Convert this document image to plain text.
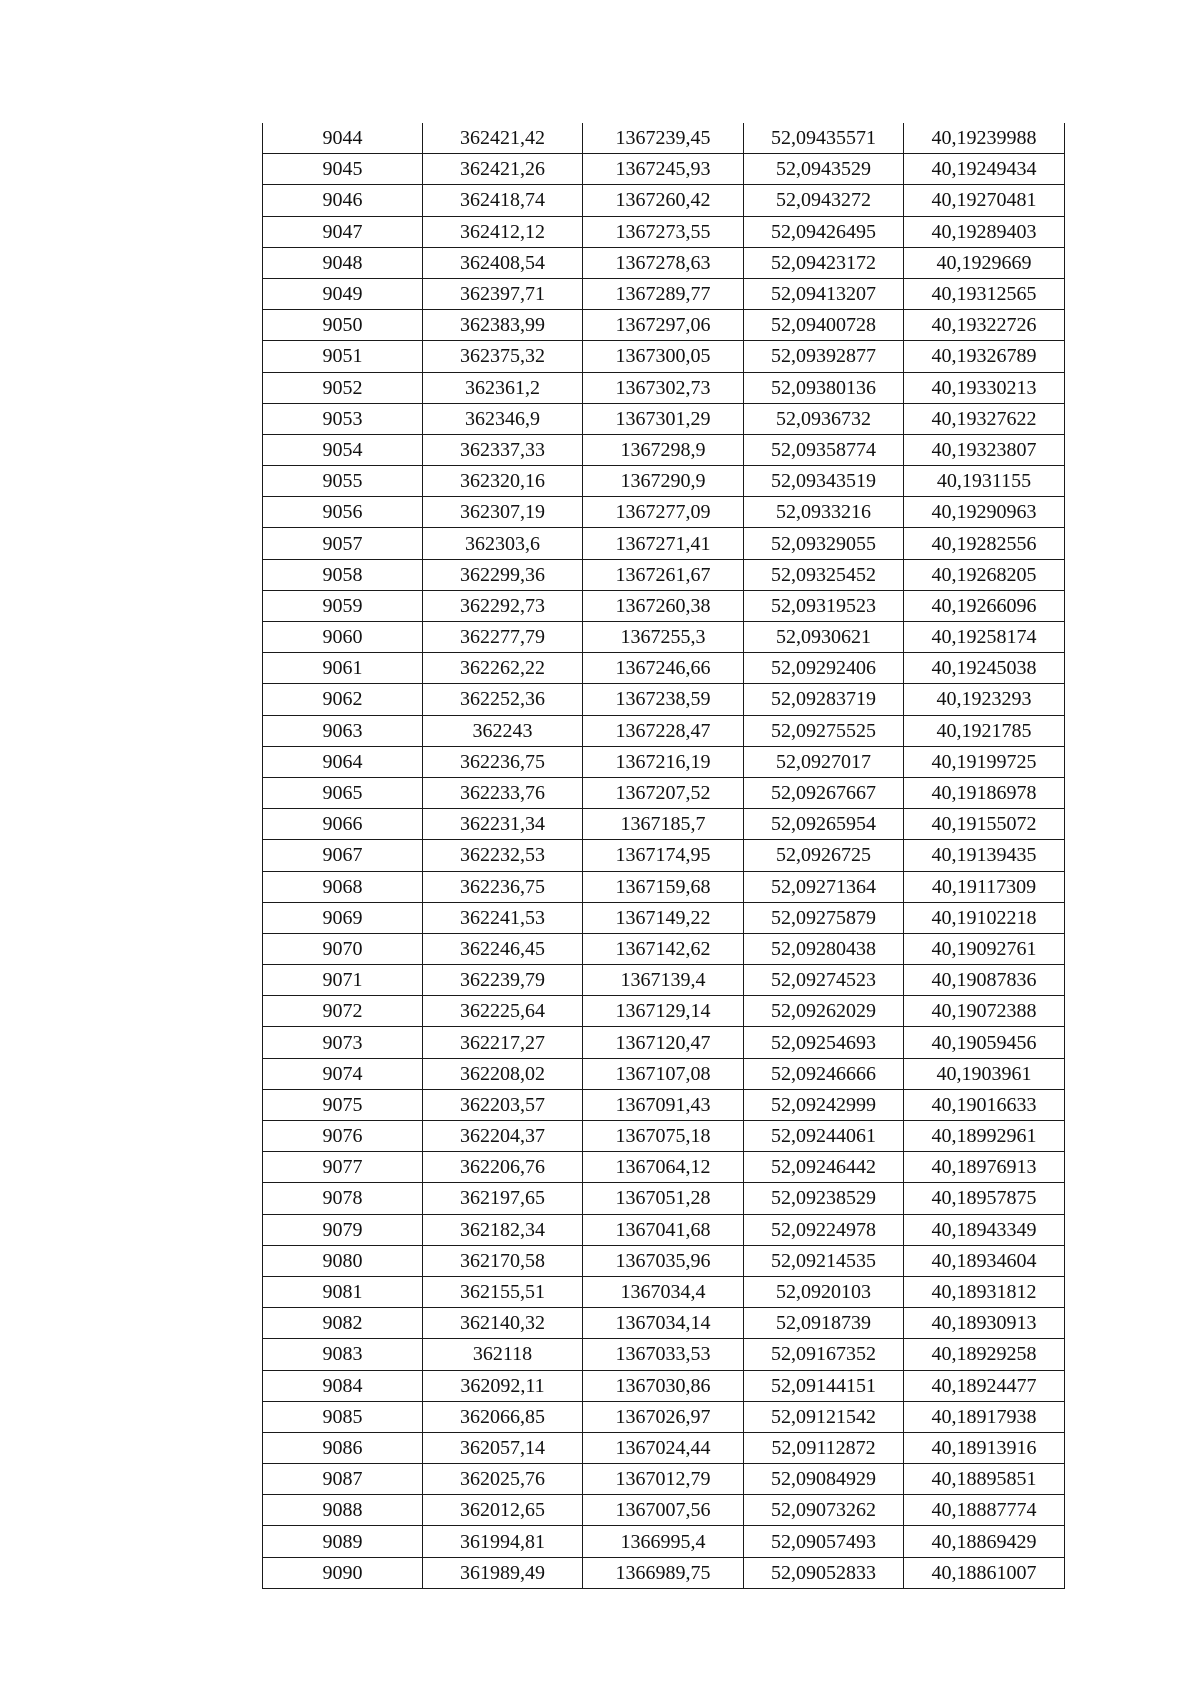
9044	362421,42	1367239,45	52,09435571	40,19239988
9045	362421,26	1367245,93	52,0943529	40,19249434
9046	362418,74	1367260,42	52,0943272	40,19270481
9047	362412,12	1367273,55	52,09426495	40,19289403
9048	362408,54	1367278,63	52,09423172	40,1929669
9049	362397,71	1367289,77	52,09413207	40,19312565
9050	362383,99	1367297,06	52,09400728	40,19322726
9051	362375,32	1367300,05	52,09392877	40,19326789
9052	362361,2	1367302,73	52,09380136	40,19330213
9053	362346,9	1367301,29	52,0936732	40,19327622
9054	362337,33	1367298,9	52,09358774	40,19323807
9055	362320,16	1367290,9	52,09343519	40,1931155
9056	362307,19	1367277,09	52,0933216	40,19290963
9057	362303,6	1367271,41	52,09329055	40,19282556
9058	362299,36	1367261,67	52,09325452	40,19268205
9059	362292,73	1367260,38	52,09319523	40,19266096
9060	362277,79	1367255,3	52,0930621	40,19258174
9061	362262,22	1367246,66	52,09292406	40,19245038
9062	362252,36	1367238,59	52,09283719	40,1923293
9063	362243	1367228,47	52,09275525	40,1921785
9064	362236,75	1367216,19	52,0927017	40,19199725
9065	362233,76	1367207,52	52,09267667	40,19186978
9066	362231,34	1367185,7	52,09265954	40,19155072
9067	362232,53	1367174,95	52,0926725	40,19139435
9068	362236,75	1367159,68	52,09271364	40,19117309
9069	362241,53	1367149,22	52,09275879	40,19102218
9070	362246,45	1367142,62	52,09280438	40,19092761
9071	362239,79	1367139,4	52,09274523	40,19087836
9072	362225,64	1367129,14	52,09262029	40,19072388
9073	362217,27	1367120,47	52,09254693	40,19059456
9074	362208,02	1367107,08	52,09246666	40,1903961
9075	362203,57	1367091,43	52,09242999	40,19016633
9076	362204,37	1367075,18	52,09244061	40,18992961
9077	362206,76	1367064,12	52,09246442	40,18976913
9078	362197,65	1367051,28	52,09238529	40,18957875
9079	362182,34	1367041,68	52,09224978	40,18943349
9080	362170,58	1367035,96	52,09214535	40,18934604
9081	362155,51	1367034,4	52,0920103	40,18931812
9082	362140,32	1367034,14	52,0918739	40,18930913
9083	362118	1367033,53	52,09167352	40,18929258
9084	362092,11	1367030,86	52,09144151	40,18924477
9085	362066,85	1367026,97	52,09121542	40,18917938
9086	362057,14	1367024,44	52,09112872	40,18913916
9087	362025,76	1367012,79	52,09084929	40,18895851
9088	362012,65	1367007,56	52,09073262	40,18887774
9089	361994,81	1366995,4	52,09057493	40,18869429
9090	361989,49	1366989,75	52,09052833	40,18861007
